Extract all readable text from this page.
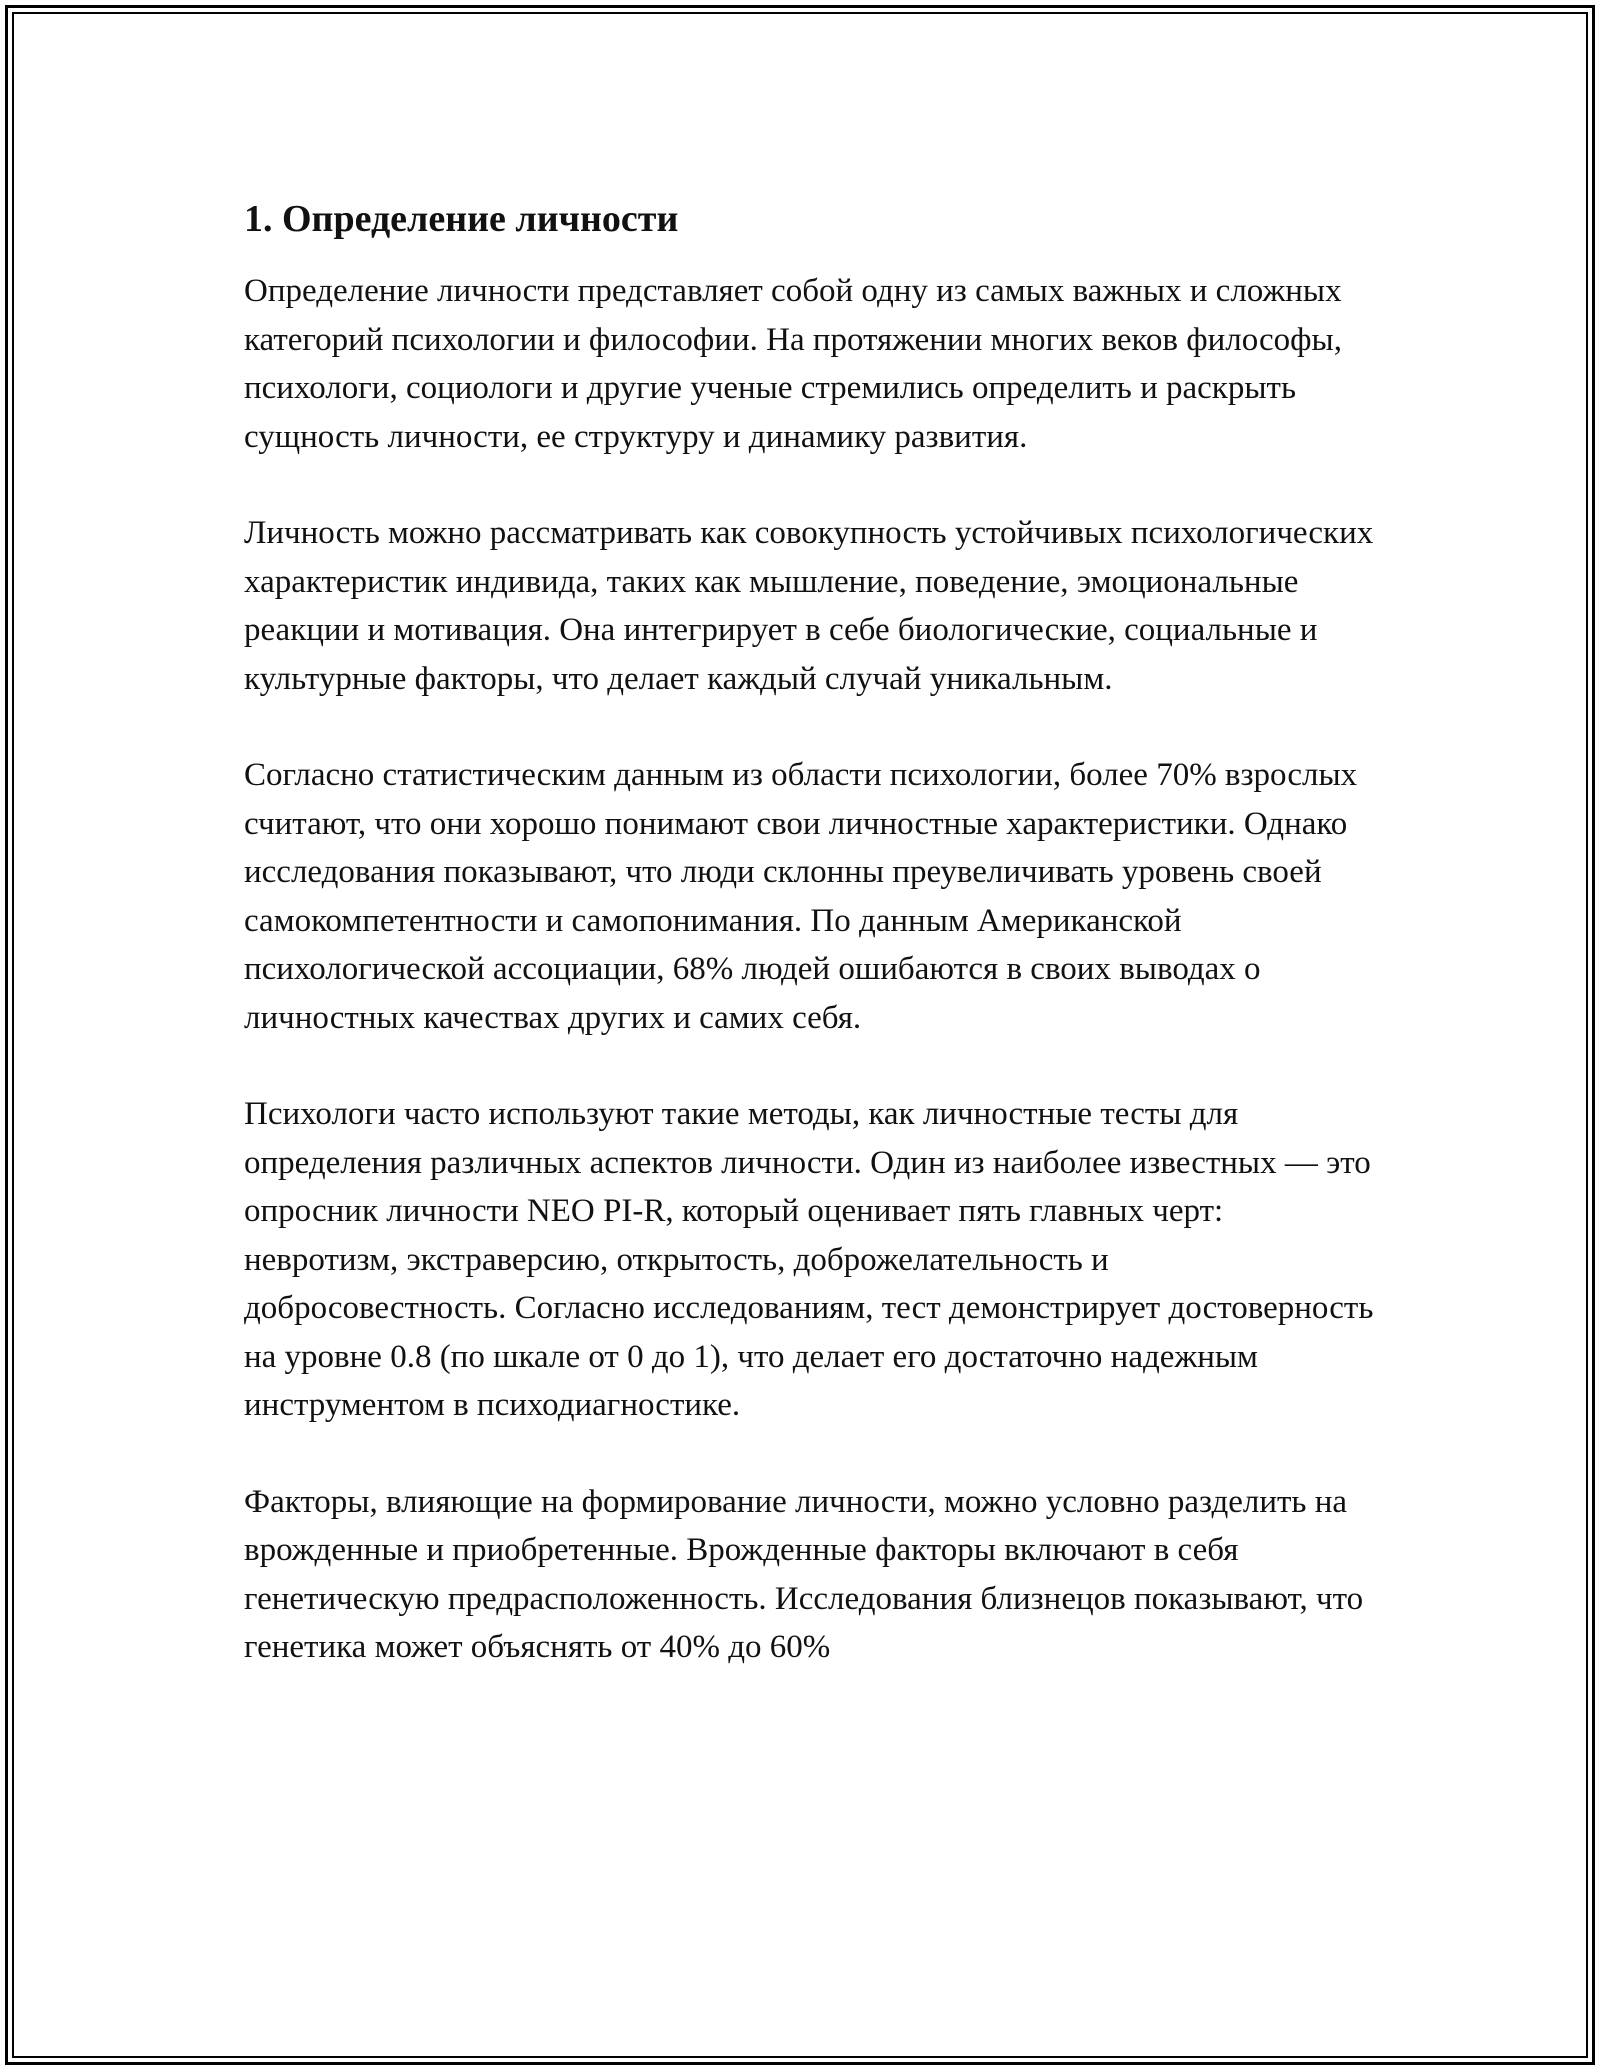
1. Определение личности

Определение личности представляет собой одну из самых важных и сложных категорий психологии и философии. На протяжении многих веков философы, психологи, социологи и другие ученые стремились определить и раскрыть сущность личности, ее структуру и динамику развития.

Личность можно рассматривать как совокупность устойчивых психологических характеристик индивида, таких как мышление, поведение, эмоциональные реакции и мотивация. Она интегрирует в себе биологические, социальные и культурные факторы, что делает каждый случай уникальным.

Согласно статистическим данным из области психологии, более 70% взрослых считают, что они хорошо понимают свои личностные характеристики. Однако исследования показывают, что люди склонны преувеличивать уровень своей самокомпетентности и самопонимания. По данным Американской психологической ассоциации, 68% людей ошибаются в своих выводах о личностных качествах других и самих себя.

Психологи часто используют такие методы, как личностные тесты для определения различных аспектов личности. Один из наиболее известных — это опросник личности NEO PI-R, который оценивает пять главных черт: невротизм, экстраверсию, открытость, доброжелательность и добросовестность. Согласно исследованиям, тест демонстрирует достоверность на уровне 0.8 (по шкале от 0 до 1), что делает его достаточно надежным инструментом в психодиагностике.

Факторы, влияющие на формирование личности, можно условно разделить на врожденные и приобретенные. Врожденные факторы включают в себя генетическую предрасположенность. Исследования близнецов показывают, что генетика может объяснять от 40% до 60%
